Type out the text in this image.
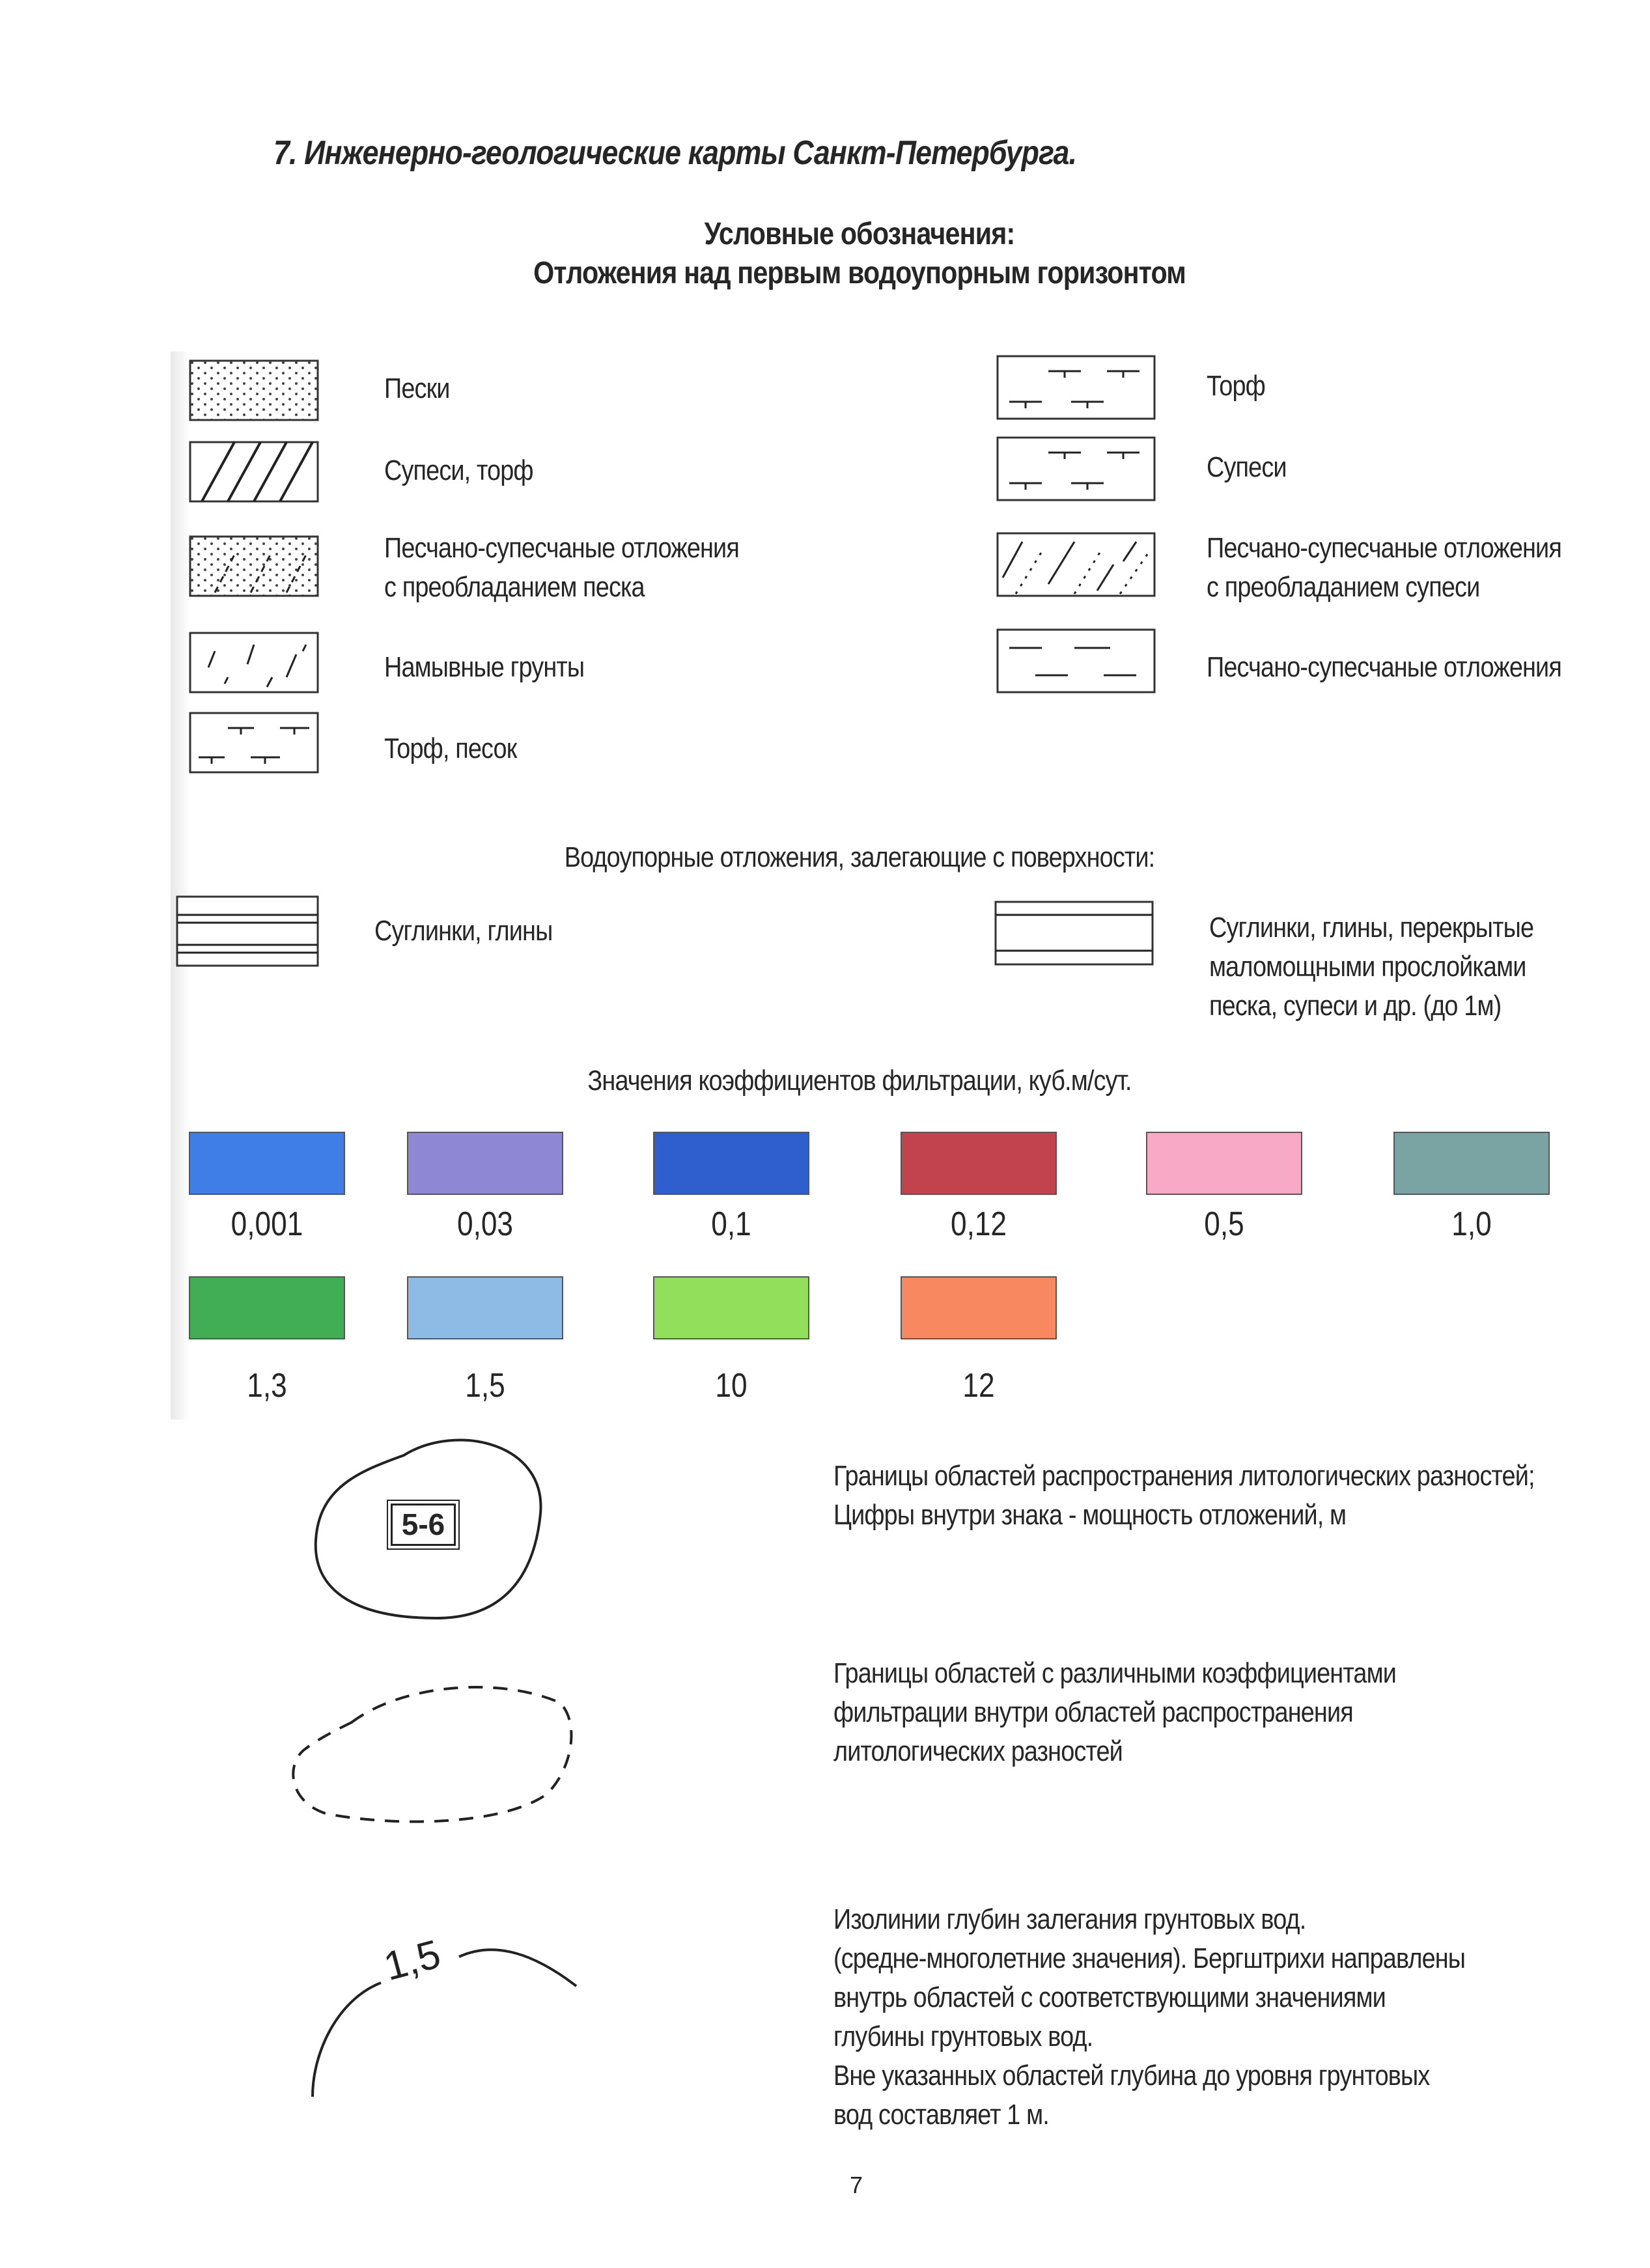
7. Инженерно-геологические карты Санкт-Петербурга.
Условные обозначения:
Отложения над первым водоупорным горизонтом
Пески
Супеси, торф
Песчано-супесчаные отложения
с преобладанием песка
Намывные грунты
Торф, песок
Торф
Супеси
Песчано-супесчаные отложения
с преобладанием супеси
Песчано-супесчаные отложения
Водоупорные отложения, залегающие с поверхности:
Суглинки, глины	Суглинки, глины, перекрытые
маломощными прослойками
песка, супеси и др. (до 1м)
Значения коэффициентов фильтрации, куб.м/сут.
0,001	0,03	0,1	0,12	0,5	1,0
1,3	1,5	10	12
5-6
Границы областей распространения литологических разностей;
Цифры внутри знака - мощность отложений, м
Границы областей с различными коэффициентами
фильтрации внутри областей распространения
литологических разностей
1,5
Изолинии глубин залегания грунтовых вод.
(средне-многолетние значения). Бергштрихи направлены
внутрь областей с соответствующими значениями
глубины грунтовых вод.
Вне указанных областей глубина до уровня грунтовых
вод составляет 1 м.
7
